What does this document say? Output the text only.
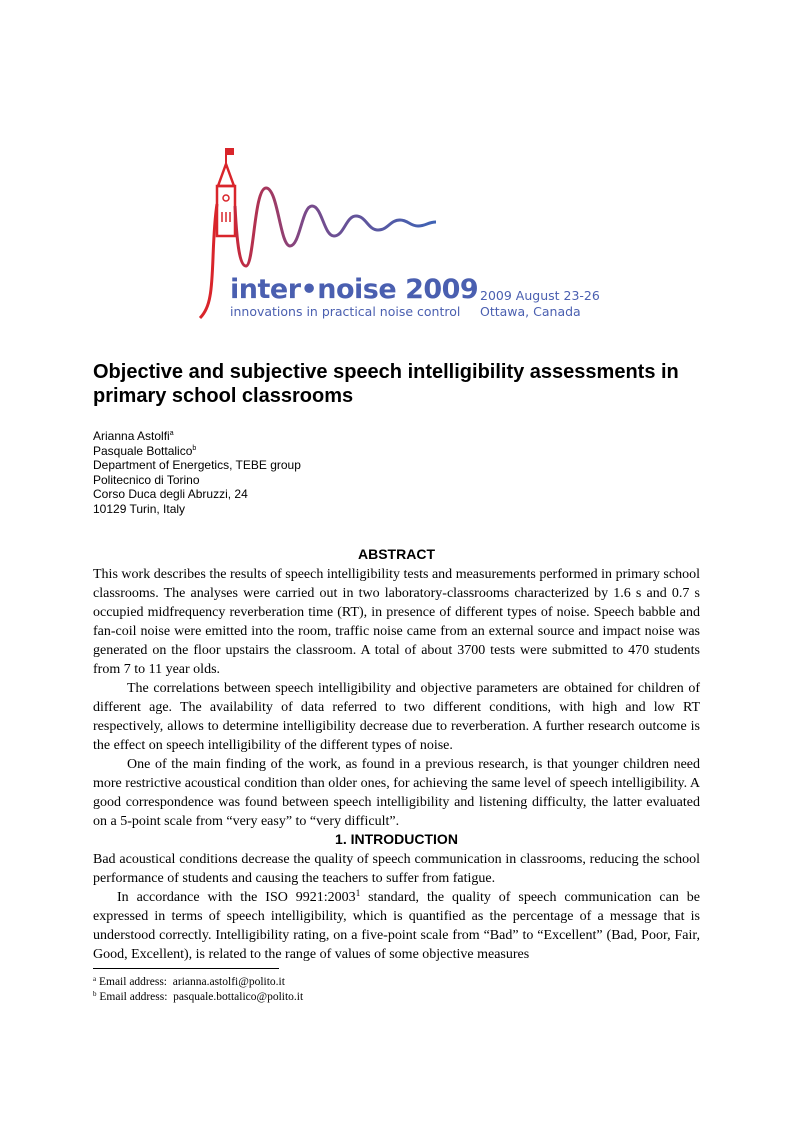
inter•noise 2009
innovations in practical noise control
2009 August 23-26
Ottawa, Canada
Objective and subjective speech intelligibility assessments in primary school classrooms
Arianna Astolfi$^a$
Pasquale Bottalico$^b$
Department of Energetics, TEBE group
Politecnico di Torino
Corso Duca degli Abruzzi, 24
10129 Turin, Italy
ABSTRACT

This work describes the results of speech intelligibility tests and measurements performed in primary school classrooms. The analyses were carried out in two laboratory-classrooms characterized by 1.6 s and 0.7 s occupied midfrequency reverberation time (RT), in presence of different types of noise. Speech babble and fan-coil noise were emitted into the room, traffic noise came from an external source and impact noise was generated on the floor upstairs the classroom. A total of about 3700 tests were submitted to 470 students from 7 to 11 year olds.

The correlations between speech intelligibility and objective parameters are obtained for children of different age. The availability of data referred to two different conditions, with high and low RT respectively, allows to determine intelligibility decrease due to reverberation. A further research outcome is the effect on speech intelligibility of the different types of noise.

One of the main finding of the work, as found in a previous research, is that younger children need more restrictive acoustical condition than older ones, for achieving the same level of speech intelligibility. A good correspondence was found between speech intelligibility and listening difficulty, the latter evaluated on a 5-point scale from “very easy” to “very difficult”.

1. INTRODUCTION

Bad acoustical conditions decrease the quality of speech communication in classrooms, reducing the school performance of students and causing the teachers to suffer from fatigue.

In accordance with the ISO 9921:2003$^1$ standard, the quality of speech communication can be expressed in terms of speech intelligibility, which is quantified as the percentage of a message that is understood correctly. Intelligibility rating, on a five-point scale from “Bad” to “Excellent” (Bad, Poor, Fair, Good, Excellent), is related to the range of values of some objective measures

$^a$ Email address: arianna.astolfi@polito.it
$^b$ Email address: pasquale.bottalico@polito.it
